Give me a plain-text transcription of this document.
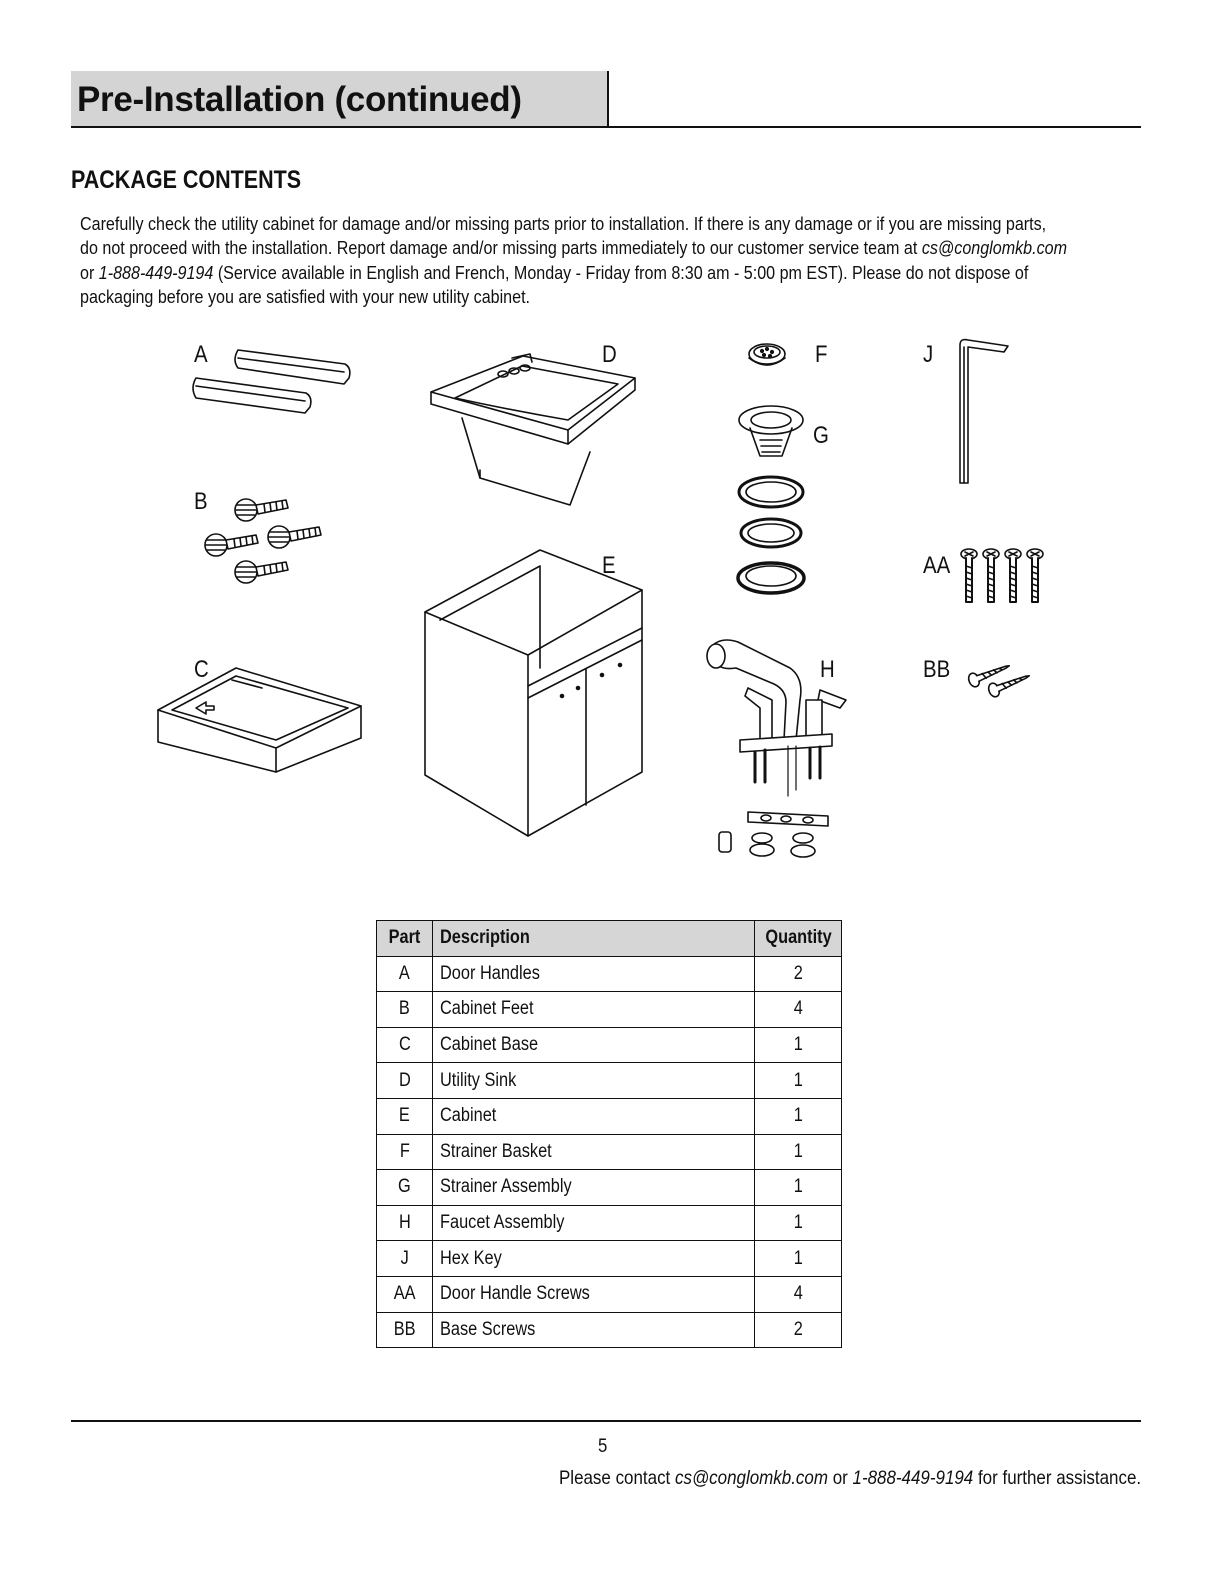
Pre-Installation (continued)
PACKAGE CONTENTS
Carefully check the utility cabinet for damage and/or missing parts prior to installation. If there is any damage or if you are missing parts,
do not proceed with the installation. Report damage and/or missing parts immediately to our customer service team at cs@conglomkb.com
or 1-888-449-9194 (Service available in English and French, Monday - Friday from 8:30 am - 5:00 pm EST). Please do not dispose of
packaging before you are satisfied with your new utility cabinet.
A
B
C
D
E
F
G
H
J
AA
BB
Part	Description	Quantity
A	Door Handles	2
B	Cabinet Feet	4
C	Cabinet Base	1
D	Utility Sink	1
E	Cabinet	1
F	Strainer Basket	1
G	Strainer Assembly	1
H	Faucet Assembly	1
J	Hex Key	1
AA	Door Handle Screws	4
BB	Base Screws	2
5
Please contact cs@conglomkb.com or 1-888-449-9194 for further assistance.
